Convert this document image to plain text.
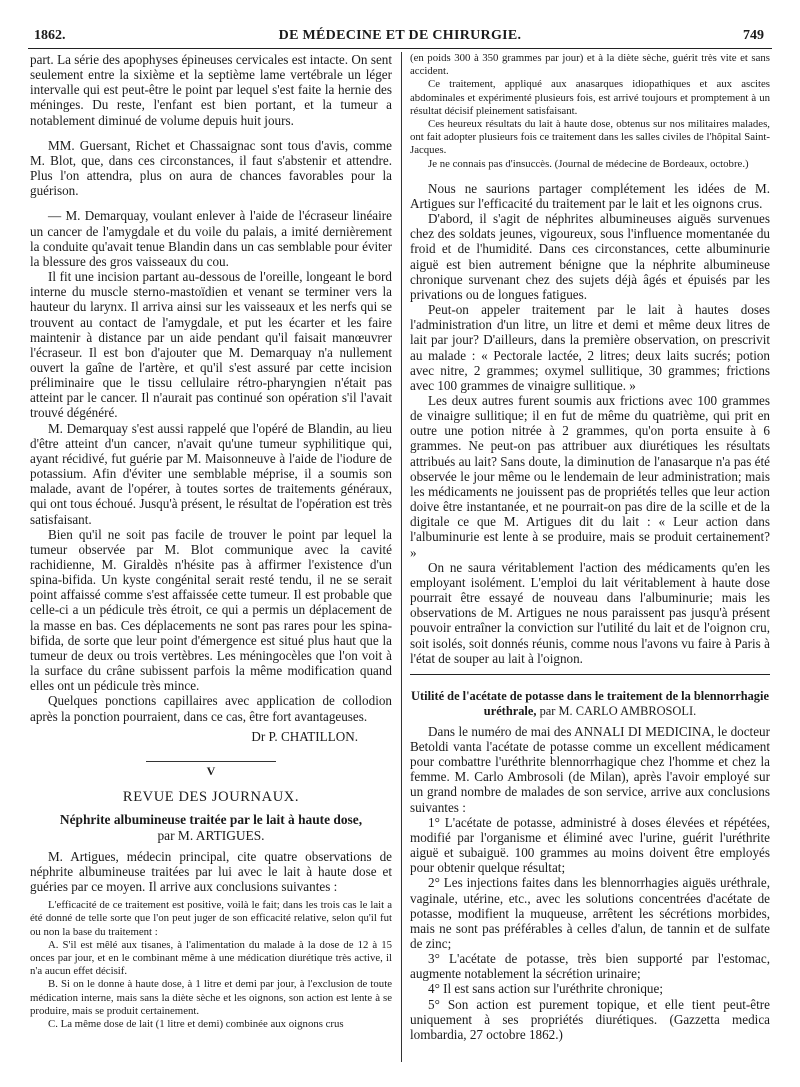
1862.	DE MÉDECINE ET DE CHIRURGIE.	749

part. La série des apophyses épineuses cervicales est intacte. On sent seulement entre la sixième et la septième lame vertébrale un léger intervalle qui est peut-être le point par lequel s'est faite la hernie des méninges. Du reste, l'enfant est bien portant, et la tumeur a notablement diminué de volume depuis huit jours.

MM. Guersant, Richet et Chassaignac sont tous d'avis, comme M. Blot, que, dans ces circonstances, il faut s'abstenir et attendre. Plus l'on attendra, plus on aura de chances favorables pour la guérison.

— M. Demarquay, voulant enlever à l'aide de l'écraseur linéaire un cancer de l'amygdale et du voile du palais, a imité dernièrement la conduite qu'avait tenue Blandin dans un cas semblable pour éviter la blessure des gros vaisseaux du cou.

Il fit une incision partant au-dessous de l'oreille, longeant le bord interne du muscle sterno-mastoïdien et venant se terminer vers la hauteur du larynx. Il arriva ainsi sur les vaisseaux et les nerfs qui se trouvent au contact de l'amygdale, et put les écarter et les faire maintenir à distance par un aide pendant qu'il faisait manœuvrer l'écraseur. Il est bon d'ajouter que M. Demarquay n'a nullement ouvert la gaîne de l'artère, et qu'il s'est assuré par cette incision préliminaire que le tissu cellulaire rétro-pharyngien n'était pas atteint par le cancer. Il n'aurait pas continué son opération s'il l'avait trouvé dégénéré.

M. Demarquay s'est aussi rappelé que l'opéré de Blandin, au lieu d'être atteint d'un cancer, n'avait qu'une tumeur syphilitique qui, ayant récidivé, fut guérie par M. Maisonneuve à l'aide de l'iodure de potassium. Afin d'éviter une semblable méprise, il a soumis son malade, avant de l'opérer, à toutes sortes de traitements généraux, qui ont tous échoué. Jusqu'à présent, le résultat de l'opération est très satisfaisant.

Bien qu'il ne soit pas facile de trouver le point par lequel la tumeur observée par M. Blot communique avec la cavité rachidienne, M. Giraldès n'hésite pas à affirmer l'existence d'un spina-bifida. Un kyste congénital serait resté tendu, il ne se serait point affaissé comme s'est affaissée cette tumeur. Il est probable que celle-ci a un pédicule très étroit, ce qui a permis un déplacement de la masse en bas. Ces déplacements ne sont pas rares pour les spina-bifida, de sorte que leur point d'émergence est situé plus haut que la tumeur de deux ou trois vertèbres. Les méningocèles que l'on voit à la surface du crâne subissent parfois la même modification quand elles ont un pédicule très mince.

Quelques ponctions capillaires avec application de collodion après la ponction pourraient, dans ce cas, être fort avantageuses.

Dr P. CHATILLON.
V
REVUE DES JOURNAUX.
Néphrite albumineuse traitée par le lait à haute dose,
par M. ARTIGUES.

M. Artigues, médecin principal, cite quatre observations de néphrite albumineuse traitées par lui avec le lait à haute dose et guéries par ce moyen. Il arrive aux conclusions suivantes :

L'efficacité de ce traitement est positive, voilà le fait; dans les trois cas le lait a été donné de telle sorte que l'on peut juger de son efficacité relative, selon qu'il fut ou non la base du traitement :

A. S'il est mêlé aux tisanes, à l'alimentation du malade à la dose de 12 à 15 onces par jour, et en le combinant même à une médication diurétique très active, il n'a aucun effet décisif.

B. Si on le donne à haute dose, à 1 litre et demi par jour, à l'exclusion de toute médication interne, mais sans la diète sèche et les oignons, son action est lente à se produire, mais se produit certainement.

C. La même dose de lait (1 litre et demi) combinée aux oignons crus

(en poids 300 à 350 grammes par jour) et à la diète sèche, guérit très vite et sans accident.

Ce traitement, appliqué aux anasarques idiopathiques et aux ascites abdominales et expérimenté plusieurs fois, est arrivé toujours et promptement à un résultat décisif pleinement satisfaisant.

Ces heureux résultats du lait à haute dose, obtenus sur nos militaires malades, ont fait adopter plusieurs fois ce traitement dans les salles civiles de l'hôpital Saint-Jacques.

Je ne connais pas d'insuccès. (Journal de médecine de Bordeaux, octobre.)

Nous ne saurions partager complétement les idées de M. Artigues sur l'efficacité du traitement par le lait et les oignons crus.

D'abord, il s'agit de néphrites albumineuses aiguës survenues chez des soldats jeunes, vigoureux, sous l'influence momentanée du froid et de l'humidité. Dans ces circonstances, cette albuminurie aiguë est bien autrement bénigne que la néphrite albumineuse chronique survenant chez des sujets déjà âgés et épuisés par les privations ou de longues fatigues.

Peut-on appeler traitement par le lait à hautes doses l'administration d'un litre, un litre et demi et même deux litres de lait par jour? D'ailleurs, dans la première observation, on prescrivit au malade : « Pectorale lactée, 2 litres; deux laits sucrés; potion avec nitre, 2 grammes; oxymel sullitique, 30 grammes; frictions avec 100 grammes de vinaigre sullitique. »

Les deux autres furent soumis aux frictions avec 100 grammes de vinaigre sullitique; il en fut de même du quatrième, qui prit en outre une potion nitrée à 2 grammes, qu'on porta ensuite à 6 grammes. Ne peut-on pas attribuer aux diurétiques les résultats attribués au lait? Sans doute, la diminution de l'anasarque n'a pas été observée le jour même ou le lendemain de leur administration; mais les médicaments ne jouissent pas de propriétés telles que leur action doive être instantanée, et ne pourrait-on pas dire de la scille et de la digitale ce que M. Artigues dit du lait : « Leur action dans l'albuminurie est lente à se produire, mais se produit certainement? »

On ne saura véritablement l'action des médicaments qu'en les employant isolément. L'emploi du lait véritablement à haute dose pourrait être essayé de nouveau dans l'albuminurie; mais les observations de M. Artigues ne nous paraissent pas jusqu'à présent pouvoir entraîner la conviction sur l'utilité du lait et de l'oignon cru, soit isolés, soit donnés réunis, comme nous l'avons vu faire à Paris à l'état de souper au lait à l'oignon.

Utilité de l'acétate de potasse dans le traitement de la blennorrhagie uréthrale, par M. CARLO AMBROSOLI.

Dans le numéro de mai des ANNALI DI MEDICINA, le docteur Betoldi vanta l'acétate de potasse comme un excellent médicament pour combattre l'uréthrite blennorrhagique chez l'homme et chez la femme. M. Carlo Ambrosoli (de Milan), après l'avoir employé sur un grand nombre de malades de son service, arrive aux conclusions suivantes :

1° L'acétate de potasse, administré à doses élevées et répétées, modifié par l'organisme et éliminé avec l'urine, guérit l'uréthrite aiguë et subaiguë. 100 grammes au moins doivent être employés pour obtenir quelque résultat;

2° Les injections faites dans les blennorrhagies aiguës uréthrale, vaginale, utérine, etc., avec les solutions concentrées d'acétate de potasse, modifient la muqueuse, arrêtent les sécrétions morbides, mais ne sont pas préférables à celles d'alun, de tannin et de sulfate de zinc;

3° L'acétate de potasse, très bien supporté par l'estomac, augmente notablement la sécrétion urinaire;

4° Il est sans action sur l'uréthrite chronique;

5° Son action est purement topique, et elle tient peut-être uniquement à ses propriétés diurétiques. (Gazzetta medica lombardia, 27 octobre 1862.)
